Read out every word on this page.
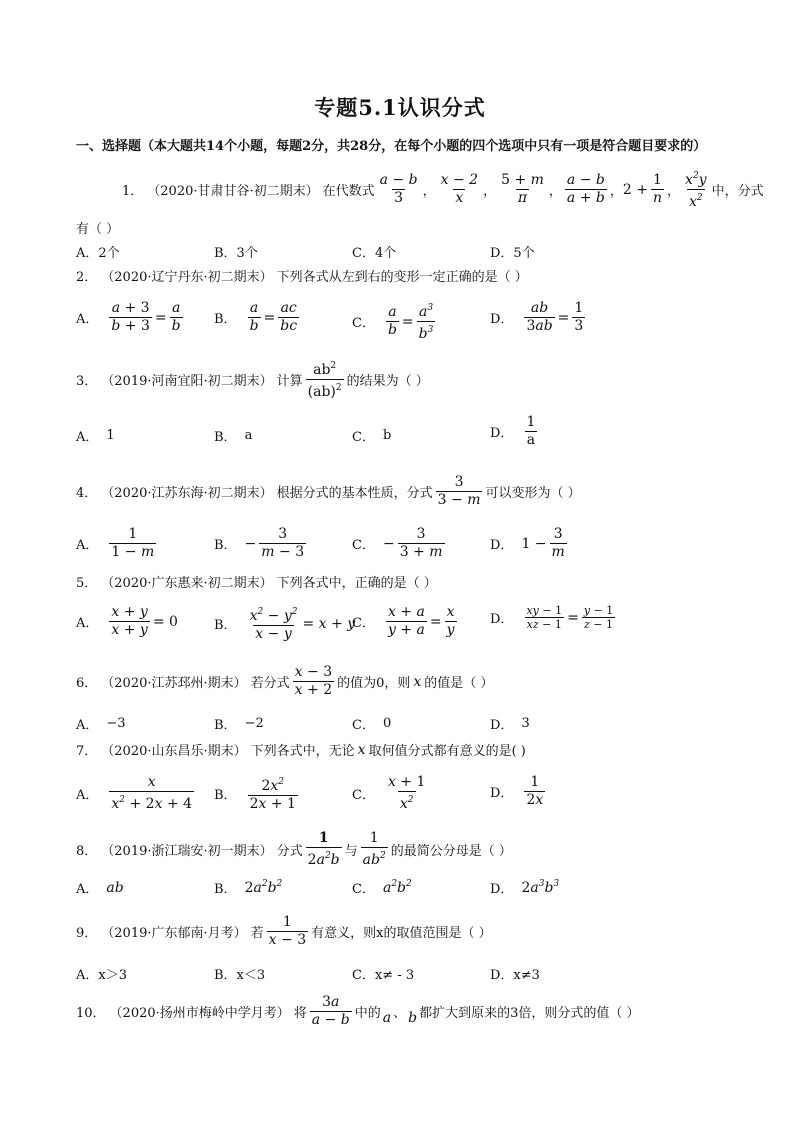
专题5.1认识分式
一、选择题（本大题共14个小题，每题2分，共28分，在每个小题的四个选项中只有一项是符合题目要求的）
1． （2020·甘肃甘谷·初二期末） 在代数式 $\frac{a - b}{3}$ ， $\frac{x - 2}{x}$ ， $\frac{5 + m}{\pi}$ ， $\frac{a - b}{a + b}$ ， $2 + \frac{1}{n}$ ， $\frac{x^2y}{x^2}$ 中，分式
有（ ）
A．2个	B．3个	C．4个	D．5个
2． （2020·辽宁丹东·初二期末） 下列各式从左到右的变形一定正确的是（ ）
A． $\frac{a + 3}{b + 3} = \frac{a}{b}$ B． $\frac{a}{b} = \frac{ac}{bc}$	C． $\frac{a}{b} = \frac{a^3}{b^3}$	D． $\frac{ab}{3ab} = \frac{1}{3}$
3． （2019·河南宜阳·初二期末） 计算 $\frac{ab^2}{(ab)^2}$ 的结果为（ ）
A． 1	B． a	C． b	D． $\frac{1}{a}$
4． （2020·江苏东海·初二期末） 根据分式的基本性质，分式 $\frac{3}{3 - m}$ 可以变形为（ ）
A． $\frac{1}{1 - m}$	B． − $\frac{3}{m - 3}$	C． − $\frac{3}{3 + m}$	D． $1 - \frac{3}{m}$
5． （2020·广东惠来·初二期末） 下列各式中，正确的是（ ）
A． $\frac{x + y}{x + y} = 0$	B． $\frac{x^2 - y^2}{x - y} = x + y$
C． $\frac{x + a}{y + a} = \frac{x}{y}$	D． $\frac{xy - 1}{xz - 1} = \frac{y - 1}{z - 1}$
6． （2020·江苏邳州·期末） 若分式 $\frac{x - 3}{x + 2}$ 的值为0，则 x 的值是（ ）
A． −3	B． −2	C． 0	D． 3
7． （2020·山东昌乐·期末） 下列各式中，无论 x 取何值分式都有意义的是( )
A． $\frac{x}{x^2 + 2x + 4}$ B． $\frac{2x^2}{2x + 1}$	C． $\frac{x + 1}{x^2}$	D． $\frac{1}{2x}$
8． （2019·浙江瑞安·初一期末） 分式 $\frac{1}{2a^2b}$ 与 $\frac{1}{ab^2}$ 的最简公分母是（ ）
A． ab	B． $2a^2b^2$	C． $a^2b^2$	D． $2a^3b^3$
9． （2019·广东郁南·月考） 若 $\frac{1}{x - 3}$ 有意义，则x的取值范围是（ ）
A．x＞3	B．x＜3	C．x≠ - 3	D．x≠3
10． （2020·扬州市梅岭中学月考） 将 $\frac{3a}{a - b}$ 中的 a 、 b 都扩大到原来的3倍，则分式的值（ ）
